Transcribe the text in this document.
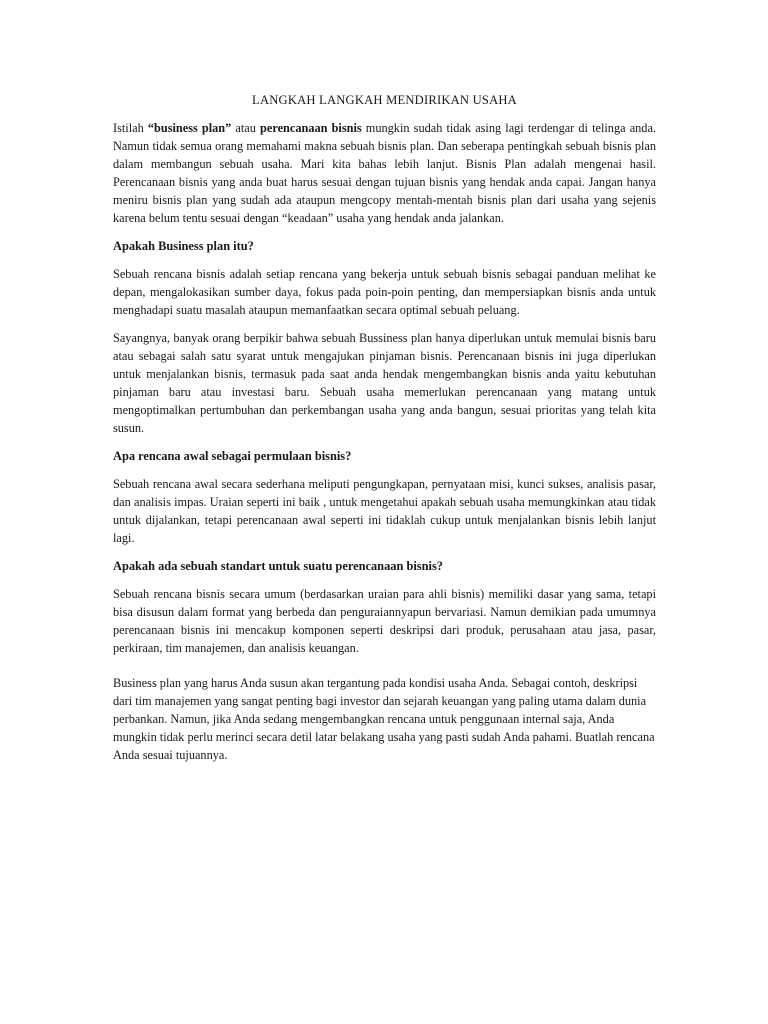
LANGKAH LANGKAH MENDIRIKAN USAHA

Istilah “business plan” atau perencanaan bisnis mungkin sudah tidak asing lagi terdengar di telinga anda. Namun tidak semua orang memahami makna sebuah bisnis plan. Dan seberapa pentingkah sebuah bisnis plan dalam membangun sebuah usaha. Mari kita bahas lebih lanjut. Bisnis Plan adalah mengenai hasil. Perencanaan bisnis yang anda buat harus sesuai dengan tujuan bisnis yang hendak anda capai. Jangan hanya meniru bisnis plan yang sudah ada ataupun mengcopy mentah-mentah bisnis plan dari usaha yang sejenis karena belum tentu sesuai dengan “keadaan” usaha yang hendak anda jalankan.

Apakah Business plan itu?

Sebuah rencana bisnis adalah setiap rencana yang bekerja untuk sebuah bisnis sebagai panduan melihat ke depan, mengalokasikan sumber daya, fokus pada poin-poin penting, dan mempersiapkan bisnis anda untuk menghadapi suatu masalah ataupun memanfaatkan secara optimal sebuah peluang.

Sayangnya, banyak orang berpikir bahwa sebuah Bussiness plan hanya diperlukan untuk memulai bisnis baru atau sebagai salah satu syarat untuk mengajukan pinjaman bisnis. Perencanaan bisnis ini juga diperlukan untuk menjalankan bisnis, termasuk pada saat anda hendak mengembangkan bisnis anda yaitu kebutuhan pinjaman baru atau investasi baru. Sebuah usaha memerlukan perencanaan yang matang untuk mengoptimalkan pertumbuhan dan perkembangan usaha yang anda bangun, sesuai prioritas yang telah kita susun.

Apa rencana awal sebagai permulaan bisnis?

Sebuah rencana awal secara sederhana meliputi pengungkapan, pernyataan misi, kunci sukses, analisis pasar, dan analisis impas. Uraian seperti ini baik , untuk mengetahui apakah sebuah usaha memungkinkan atau tidak untuk dijalankan, tetapi perencanaan awal seperti ini tidaklah cukup untuk menjalankan bisnis lebih lanjut lagi.

Apakah ada sebuah standart untuk suatu perencanaan bisnis?

Sebuah rencana bisnis secara umum (berdasarkan uraian para ahli bisnis) memiliki dasar yang sama, tetapi bisa disusun dalam format yang berbeda dan penguraiannyapun bervariasi. Namun demikian pada umumnya perencanaan bisnis ini mencakup komponen seperti deskripsi dari produk, perusahaan atau jasa, pasar, perkiraan, tim manajemen, dan analisis keuangan.

Business plan yang harus Anda susun akan tergantung pada kondisi usaha Anda. Sebagai contoh, deskripsi dari tim manajemen yang sangat penting bagi investor dan sejarah keuangan yang paling utama dalam dunia perbankan. Namun, jika Anda sedang mengembangkan rencana untuk penggunaan internal saja, Anda mungkin tidak perlu merinci secara detil latar belakang usaha yang pasti sudah Anda pahami. Buatlah rencana Anda sesuai tujuannya.
